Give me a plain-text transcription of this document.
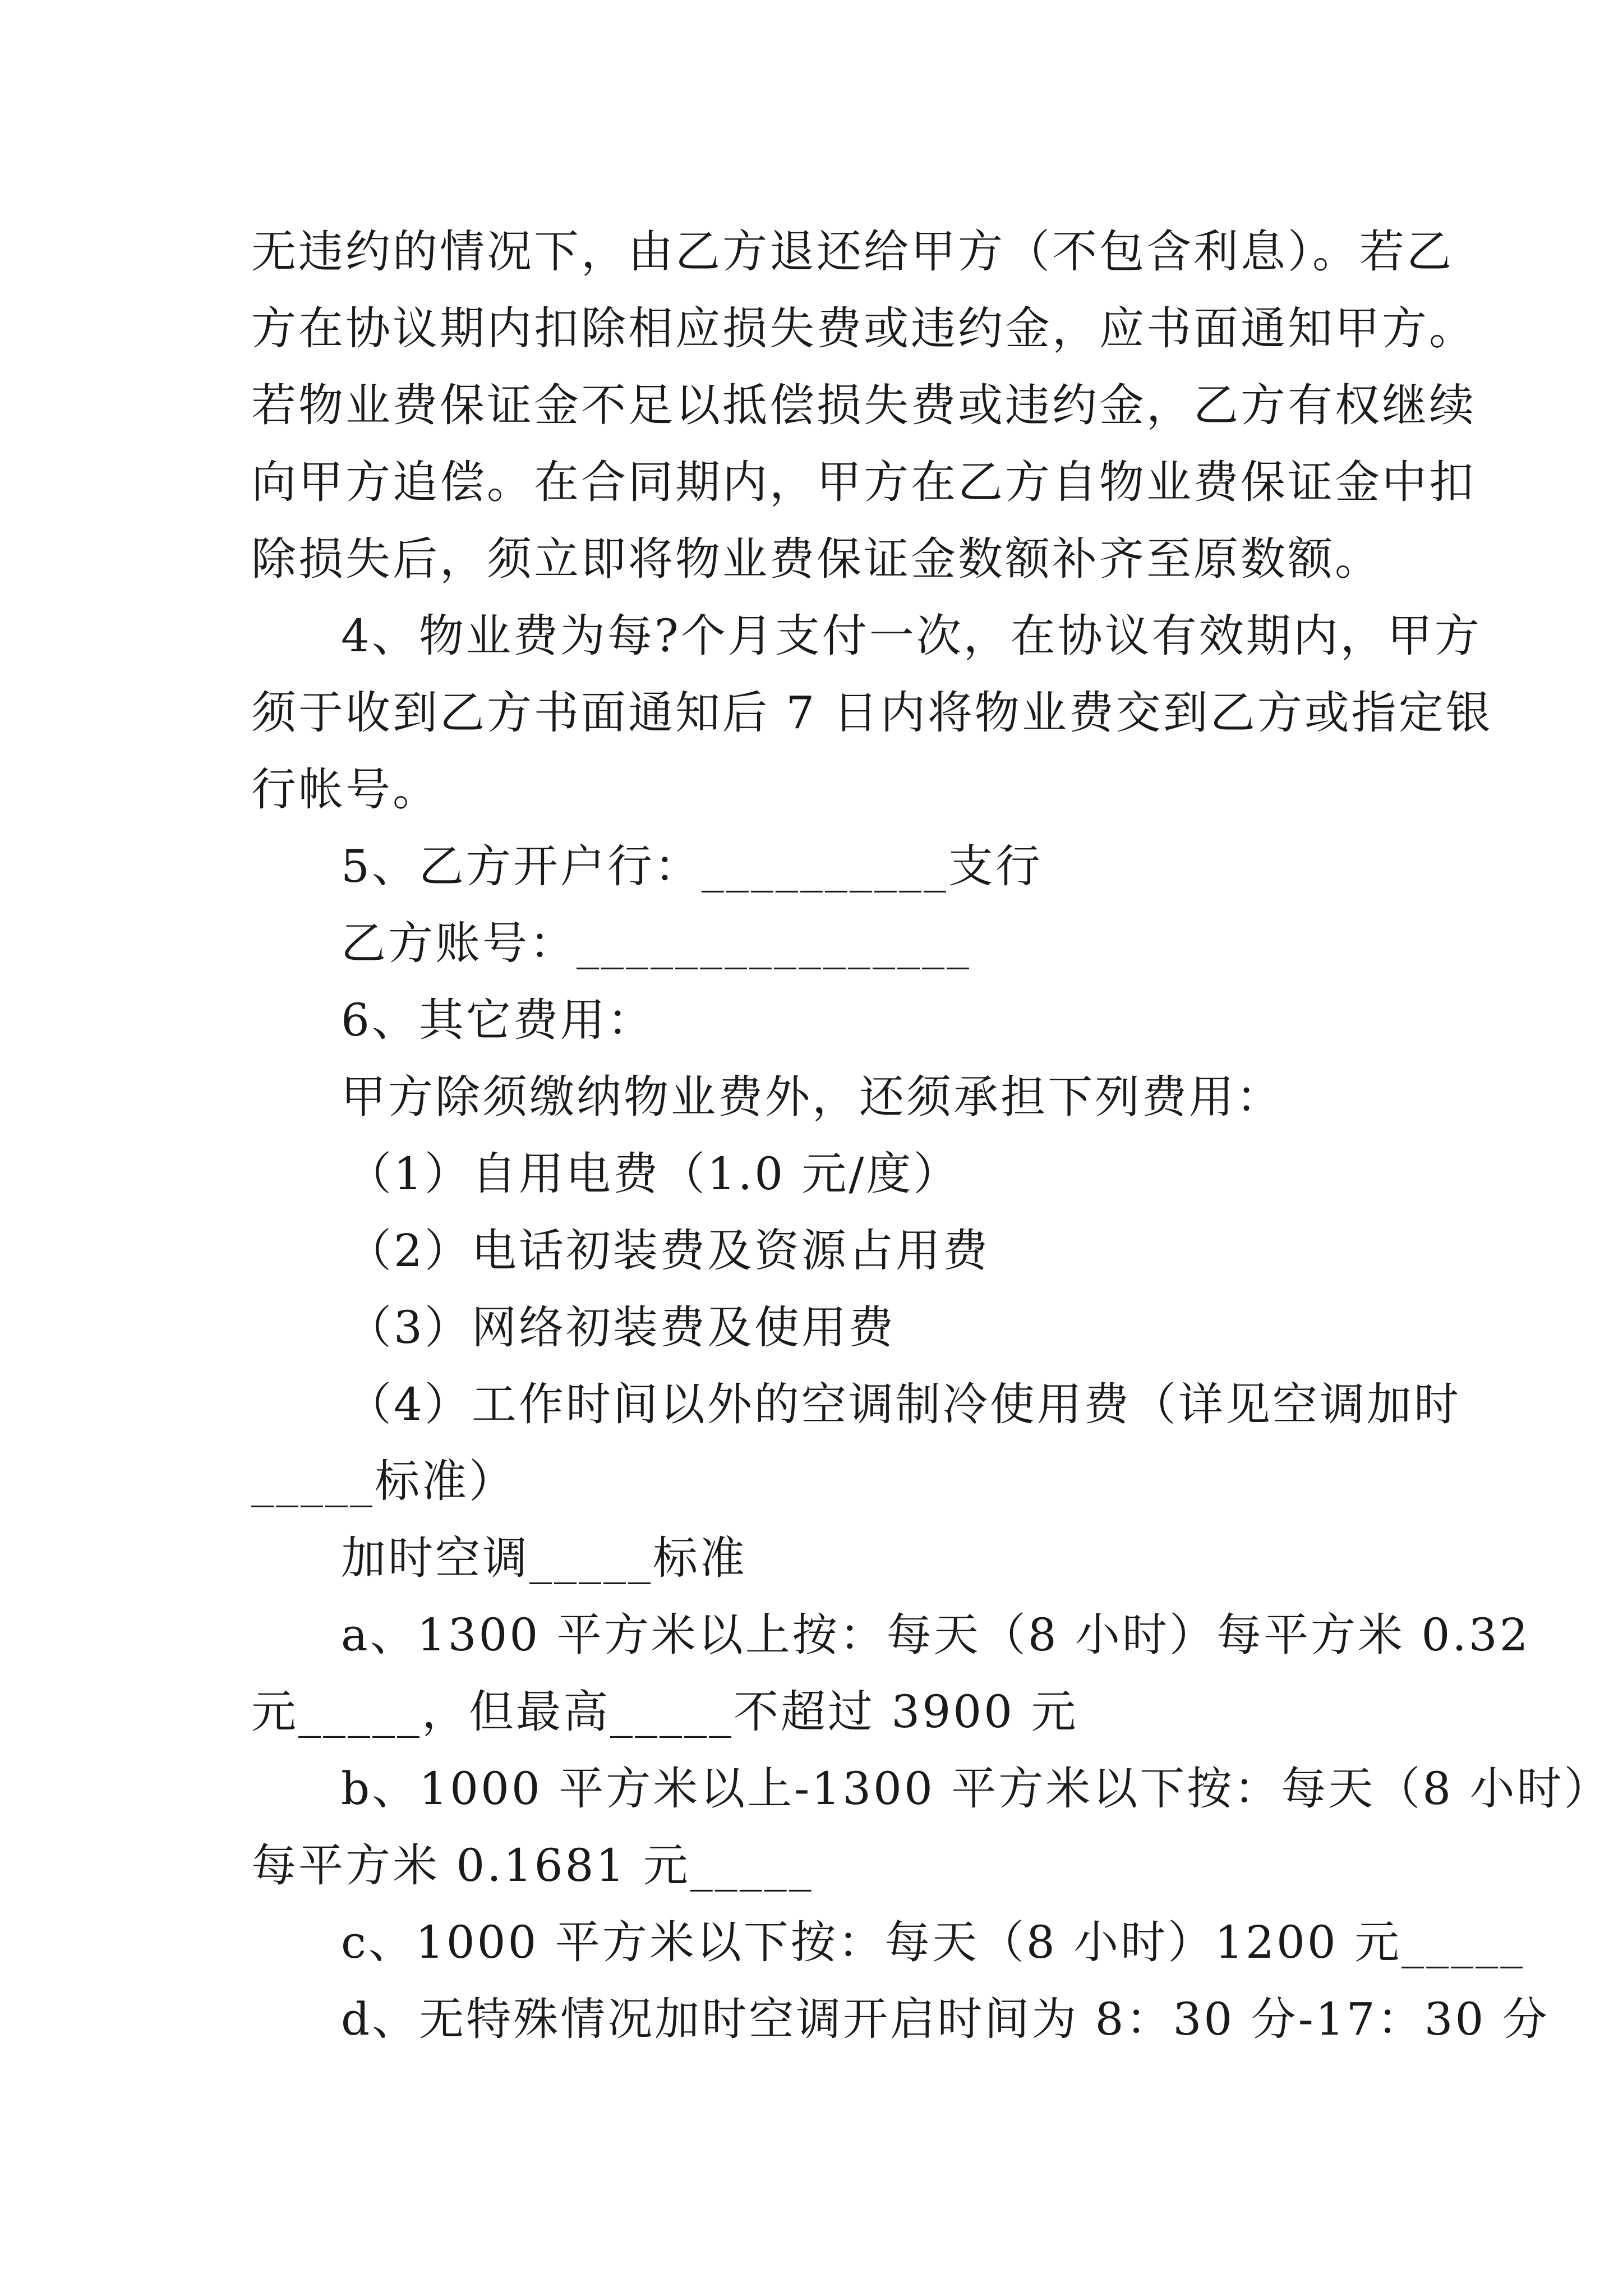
无违约的情况下，由乙方退还给甲方（不包含利息）。若乙
方在协议期内扣除相应损失费或违约金，应书面通知甲方。
若物业费保证金不足以抵偿损失费或违约金，乙方有权继续
向甲方追偿。在合同期内，甲方在乙方自物业费保证金中扣
除损失后，须立即将物业费保证金数额补齐至原数额。
4、物业费为每?个月支付一次，在协议有效期内，甲方
须于收到乙方书面通知后 7 日内将物业费交到乙方或指定银
行帐号。
5、乙方开户行：__________支行
乙方账号：________________
6、其它费用：
甲方除须缴纳物业费外，还须承担下列费用：
（1）自用电费（1.0 元/度）
（2）电话初装费及资源占用费
（3）网络初装费及使用费
（4）工作时间以外的空调制冷使用费（详见空调加时
_____标准）
加时空调_____标准
a、1300 平方米以上按：每天（8 小时）每平方米 0.32
元_____，但最高_____不超过 3900 元
b、1000 平方米以上-1300 平方米以下按：每天（8 小时）
每平方米 0.1681 元_____
c、1000 平方米以下按：每天（8 小时）1200 元_____
d、无特殊情况加时空调开启时间为 8：30 分-17：30 分
